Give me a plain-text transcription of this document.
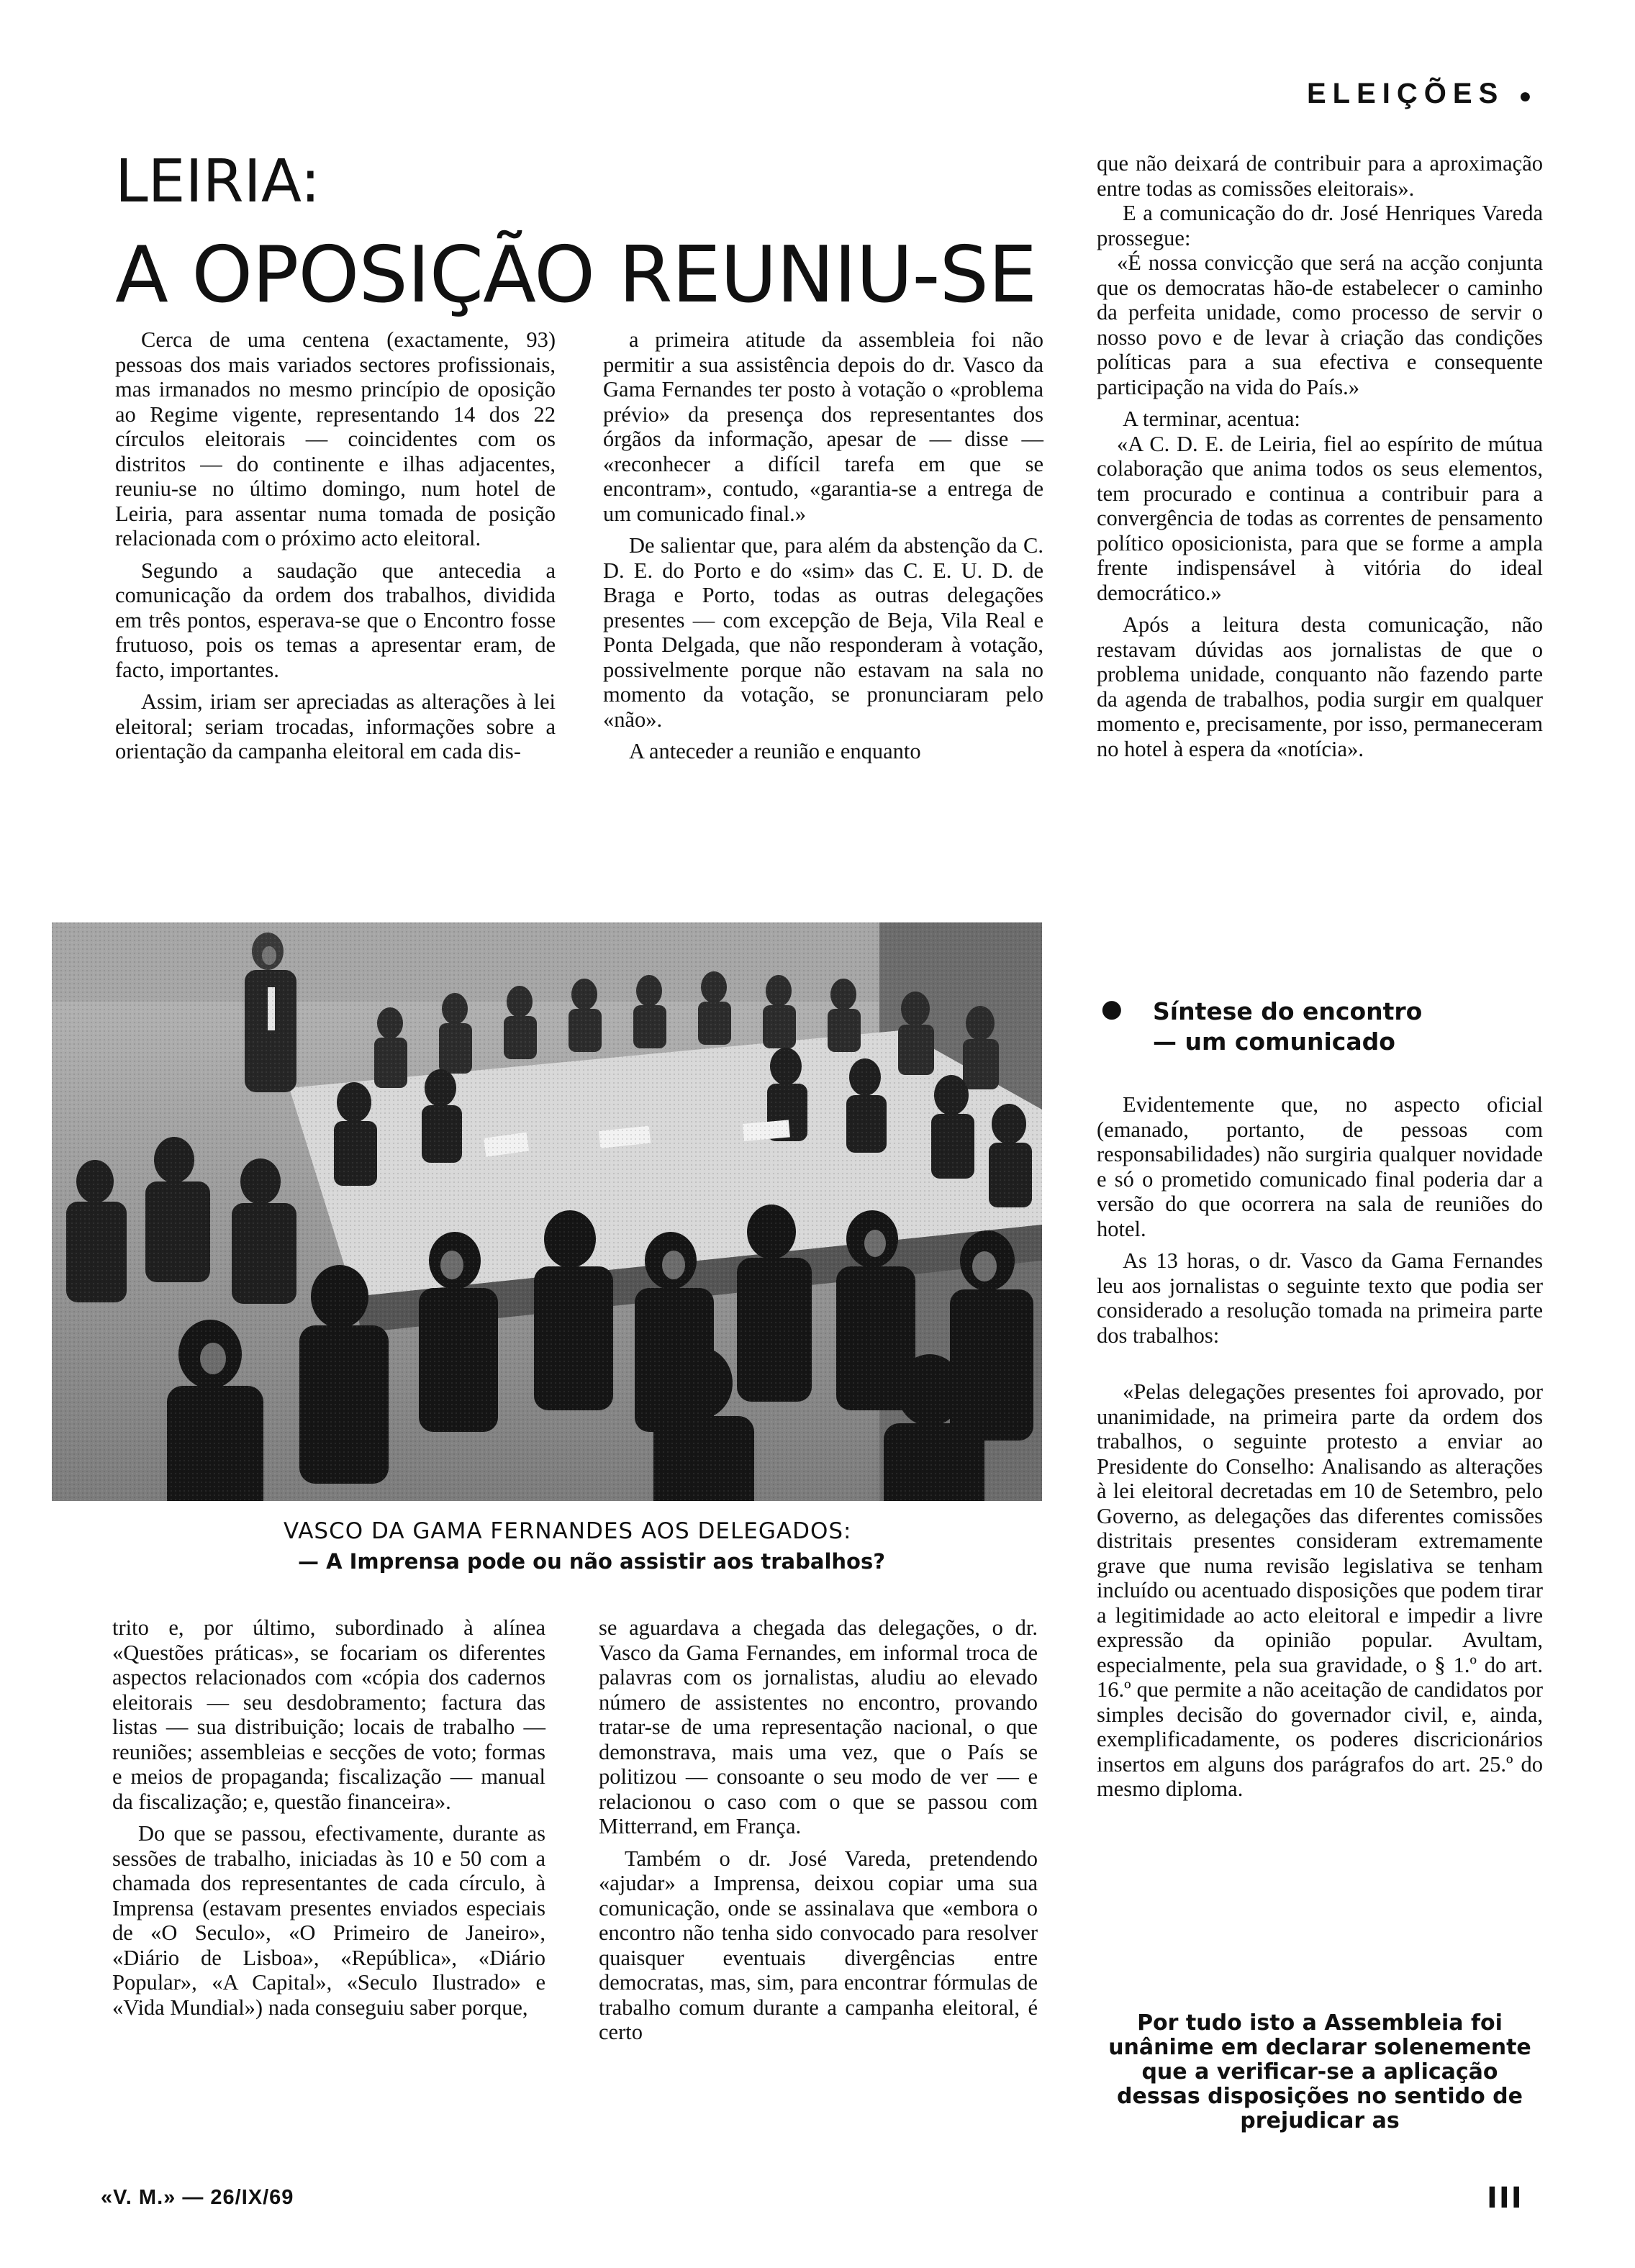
ELEIÇÕES ●
LEIRIA:
A OPOSIÇÃO REUNIU-SE

Cerca de uma centena (exactamente, 93) pessoas dos mais variados sectores profissionais, mas irmanados no mesmo princípio de oposição ao Regime vigente, representando 14 dos 22 círculos eleitorais — coincidentes com os distritos — do continente e ilhas adjacentes, reuniu-se no último domingo, num hotel de Leiria, para assentar numa tomada de posição relacionada com o próximo acto eleitoral.

Segundo a saudação que antecedia a comunicação da ordem dos trabalhos, dividida em três pontos, esperava-se que o Encontro fosse frutuoso, pois os temas a apresentar eram, de facto, importantes.

Assim, iriam ser apreciadas as alterações à lei eleitoral; seriam trocadas, informações sobre a orientação da campanha eleitoral em cada dis-

a primeira atitude da assembleia foi não permitir a sua assistência depois do dr. Vasco da Gama Fernandes ter posto à votação o «problema prévio» da presença dos representantes dos órgãos da informação, apesar de — disse — «reconhecer a difícil tarefa em que se encontram», contudo, «garantia-se a entrega de um comunicado final.»

De salientar que, para além da abstenção da C. D. E. do Porto e do «sim» das C. E. U. D. de Braga e Porto, todas as outras delegações presentes — com excepção de Beja, Vila Real e Ponta Delgada, que não responderam à votação, possivelmente porque não estavam na sala no momento da votação, se pronunciaram pelo «não».

A anteceder a reunião e enquanto

que não deixará de contribuir para a aproximação entre todas as comissões eleitorais».

E a comunicação do dr. José Henriques Vareda prossegue:

«É nossa convicção que será na acção conjunta que os democratas hão-de estabelecer o caminho da perfeita unidade, como processo de servir o nosso povo e de levar à criação das condições políticas para a sua efectiva e consequente participação na vida do País.»

A terminar, acentua:

«A C. D. E. de Leiria, fiel ao espírito de mútua colaboração que anima todos os seus elementos, tem procurado e continua a contribuir para a convergência de todas as correntes de pensamento político oposicionista, para que se forme a ampla frente indispensável à vitória do ideal democrático.»

Após a leitura desta comunicação, não restavam dúvidas aos jornalistas de que o problema unidade, conquanto não fazendo parte da agenda de trabalhos, podia surgir em qualquer momento e, precisamente, por isso, permaneceram no hotel à espera da «notícia».

● Síntese do encontro
— um comunicado

Evidentemente que, no aspecto oficial (emanado, portanto, de pessoas com responsabilidades) não surgiria qualquer novidade e só o prometido comunicado final poderia dar a versão do que ocorrera na sala de reuniões do hotel.

As 13 horas, o dr. Vasco da Gama Fernandes leu aos jornalistas o seguinte texto que podia ser considerado a resolução tomada na primeira parte dos trabalhos:

«Pelas delegações presentes foi aprovado, por unanimidade, na primeira parte da ordem dos trabalhos, o seguinte protesto a enviar ao Presidente do Conselho: Analisando as alterações à lei eleitoral decretadas em 10 de Setembro, pelo Governo, as delegações das diferentes comissões distritais presentes consideram extremamente grave que numa revisão legislativa se tenham incluído ou acentuado disposições que podem tirar a legitimidade ao acto eleitoral e impedir a livre expressão da opinião popular. Avultam, especialmente, pela sua gravidade, o § 1.º do art. 16.º que permite a não aceitação de candidatos por simples decisão do governador civil, e, ainda, exemplificadamente, os poderes discricionários insertos em alguns dos parágrafos do art. 25.º do mesmo diploma.

Por tudo isto a Assembleia foi unânime em declarar solenemente que a verificar-se a aplicação dessas disposições no sentido de prejudicar as
VASCO DA GAMA FERNANDES AOS DELEGADOS:
— A Imprensa pode ou não assistir aos trabalhos?

trito e, por último, subordinado à alínea «Questões práticas», se focariam os diferentes aspectos relacionados com «cópia dos cadernos eleitorais — seu desdobramento; factura das listas — sua distribuição; locais de trabalho — reuniões; assembleias e secções de voto; formas e meios de propaganda; fiscalização — manual da fiscalização; e, questão financeira».

Do que se passou, efectivamente, durante as sessões de trabalho, iniciadas às 10 e 50 com a chamada dos representantes de cada círculo, à Imprensa (estavam presentes enviados especiais de «O Seculo», «O Primeiro de Janeiro», «Diário de Lisboa», «República», «Diário Popular», «A Capital», «Seculo Ilustrado» e «Vida Mundial») nada conseguiu saber porque,

se aguardava a chegada das delegações, o dr. Vasco da Gama Fernandes, em informal troca de palavras com os jornalistas, aludiu ao elevado número de assistentes no encontro, provando tratar-se de uma representação nacional, o que demonstrava, mais uma vez, que o País se politizou — consoante o seu modo de ver — e relacionou o caso com o que se passou com Mitterrand, em França.

Também o dr. José Vareda, pretendendo «ajudar» a Imprensa, deixou copiar uma sua comunicação, onde se assinalava que «embora o encontro não tenha sido convocado para resolver quaisquer eventuais divergências entre democratas, mas, sim, para encontrar fórmulas de trabalho comum durante a campanha eleitoral, é certo

«V. M.» — 26/IX/69	III
